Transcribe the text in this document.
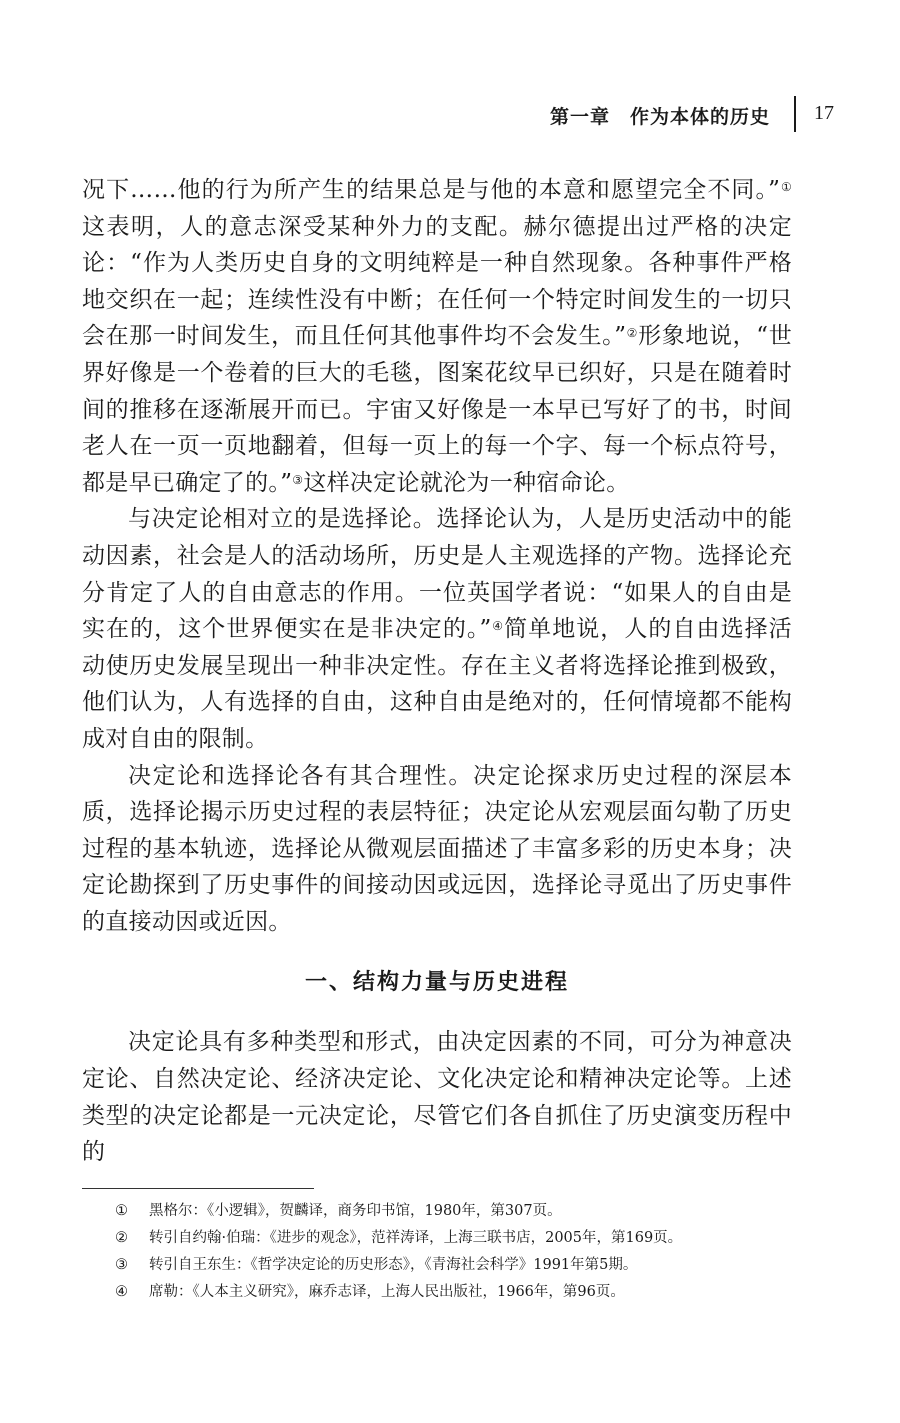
第一章　作为本体的历史 17

况下……他的行为所产生的结果总是与他的本意和愿望完全不同。”①这表明，人的意志深受某种外力的支配。赫尔德提出过严格的决定论：“作为人类历史自身的文明纯粹是一种自然现象。各种事件严格地交织在一起；连续性没有中断；在任何一个特定时间发生的一切只会在那一时间发生，而且任何其他事件均不会发生。”②形象地说，“世界好像是一个卷着的巨大的毛毯，图案花纹早已织好，只是在随着时间的推移在逐渐展开而已。宇宙又好像是一本早已写好了的书，时间老人在一页一页地翻着，但每一页上的每一个字、每一个标点符号，都是早已确定了的。”③这样决定论就沦为一种宿命论。

与决定论相对立的是选择论。选择论认为，人是历史活动中的能动因素，社会是人的活动场所，历史是人主观选择的产物。选择论充分肯定了人的自由意志的作用。一位英国学者说：“如果人的自由是实在的，这个世界便实在是非决定的。”④简单地说，人的自由选择活动使历史发展呈现出一种非决定性。存在主义者将选择论推到极致，他们认为，人有选择的自由，这种自由是绝对的，任何情境都不能构成对自由的限制。

决定论和选择论各有其合理性。决定论探求历史过程的深层本质，选择论揭示历史过程的表层特征；决定论从宏观层面勾勒了历史过程的基本轨迹，选择论从微观层面描述了丰富多彩的历史本身；决定论勘探到了历史事件的间接动因或远因，选择论寻觅出了历史事件的直接动因或近因。

一、结构力量与历史进程

决定论具有多种类型和形式，由决定因素的不同，可分为神意决定论、自然决定论、经济决定论、文化决定论和精神决定论等。上述类型的决定论都是一元决定论，尽管它们各自抓住了历史演变历程中的

① 黑格尔：《小逻辑》，贺麟译，商务印书馆，1980年，第307页。
② 转引自约翰·伯瑞：《进步的观念》，范祥涛译，上海三联书店，2005年，第169页。
③ 转引自王东生：《哲学决定论的历史形态》，《青海社会科学》1991年第5期。
④ 席勒：《人本主义研究》，麻乔志译，上海人民出版社，1966年，第96页。
